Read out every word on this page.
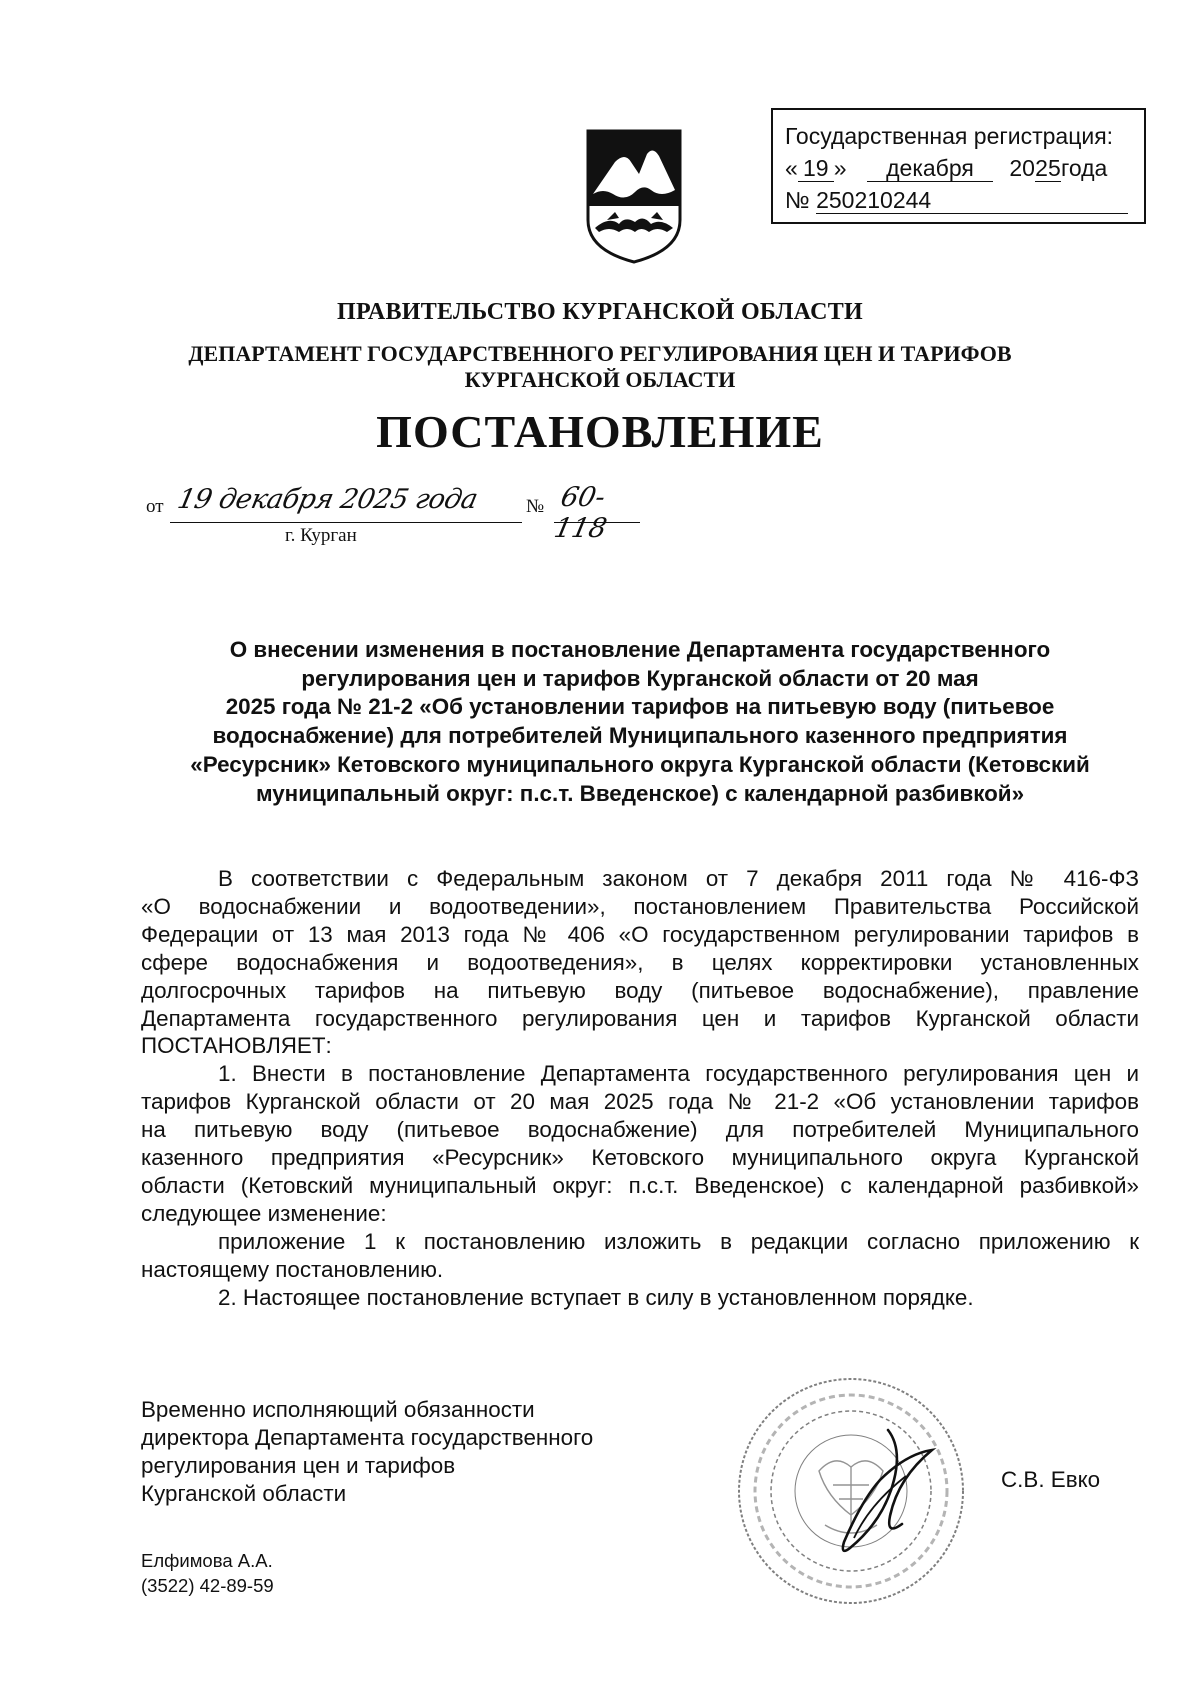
Государственная регистрация:
« 19 » декабря 2025года
№ 250210244
ПРАВИТЕЛЬСТВО КУРГАНСКОЙ ОБЛАСТИ
ДЕПАРТАМЕНТ ГОСУДАРСТВЕННОГО РЕГУЛИРОВАНИЯ ЦЕН И ТАРИФОВ
КУРГАНСКОЙ ОБЛАСТИ
ПОСТАНОВЛЕНИЕ
от 19 декабря 2025 года № 60-118
г. Курган
О внесении изменения в постановление Департамента государственного
регулирования цен и тарифов Курганской области от 20 мая
2025 года № 21-2 «Об установлении тарифов на питьевую воду (питьевое
водоснабжение) для потребителей Муниципального казенного предприятия
«Ресурсник» Кетовского муниципального округа Курганской области (Кетовский
муниципальный округ: п.с.т. Введенское) с календарной разбивкой»
В соответствии с Федеральным законом от 7 декабря 2011 года № 416-ФЗ
«О водоснабжении и водоотведении», постановлением Правительства Российской
Федерации от 13 мая 2013 года № 406 «О государственном регулировании тарифов в
сфере водоснабжения и водоотведения», в целях корректировки установленных
долгосрочных тарифов на питьевую воду (питьевое водоснабжение), правление
Департамента государственного регулирования цен и тарифов Курганской области
ПОСТАНОВЛЯЕТ:
1. Внести в постановление Департамента государственного регулирования цен и
тарифов Курганской области от 20 мая 2025 года № 21-2 «Об установлении тарифов
на питьевую воду (питьевое водоснабжение) для потребителей Муниципального
казенного предприятия «Ресурсник» Кетовского муниципального округа Курганской
области (Кетовский муниципальный округ: п.с.т. Введенское) с календарной разбивкой»
следующее изменение:
приложение 1 к постановлению изложить в редакции согласно приложению к
настоящему постановлению.
2. Настоящее постановление вступает в силу в установленном порядке.
Временно исполняющий обязанности
директора Департамента государственного
регулирования цен и тарифов
Курганской области
С.В. Евко
Елфимова А.А.
(3522) 42-89-59
